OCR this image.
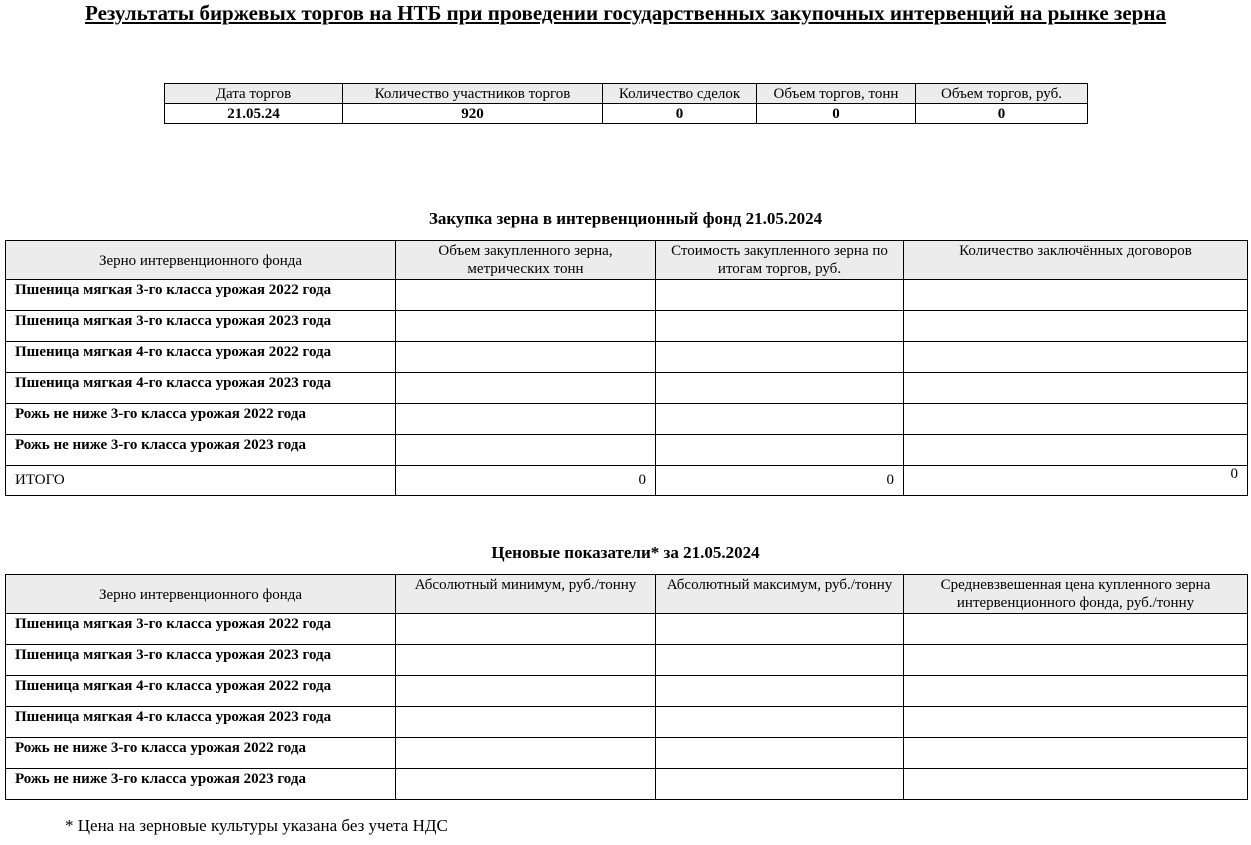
Результаты биржевых торгов на НТБ при проведении государственных закупочных интервенций на рынке зерна
Дата торгов	Количество участников торгов	Количество сделок	Объем торгов, тонн	Объем торгов, руб.
21.05.24	920	0	0	0
Закупка зерна в интервенционный фонд 21.05.2024
Зерно интервенционного фонда	Объем закупленного зерна, метрических тонн	Стоимость закупленного зерна по итогам торгов, руб.	Количество заключённых договоров
Пшеница мягкая 3-го класса урожая 2022 года			
Пшеница мягкая 3-го класса урожая 2023 года			
Пшеница мягкая 4-го класса урожая 2022 года			
Пшеница мягкая 4-го класса урожая 2023 года			
Рожь не ниже 3-го класса урожая 2022 года			
Рожь не ниже 3-го класса урожая 2023 года			
ИТОГО	0	0	0
Ценовые показатели* за 21.05.2024
Зерно интервенционного фонда	Абсолютный минимум, руб./тонну	Абсолютный максимум, руб./тонну	Средневзвешенная цена купленного зерна интервенционного фонда, руб./тонну
Пшеница мягкая 3-го класса урожая 2022 года			
Пшеница мягкая 3-го класса урожая 2023 года			
Пшеница мягкая 4-го класса урожая 2022 года			
Пшеница мягкая 4-го класса урожая 2023 года			
Рожь не ниже 3-го класса урожая 2022 года			
Рожь не ниже 3-го класса урожая 2023 года			
* Цена на зерновые культуры указана без учета НДС
